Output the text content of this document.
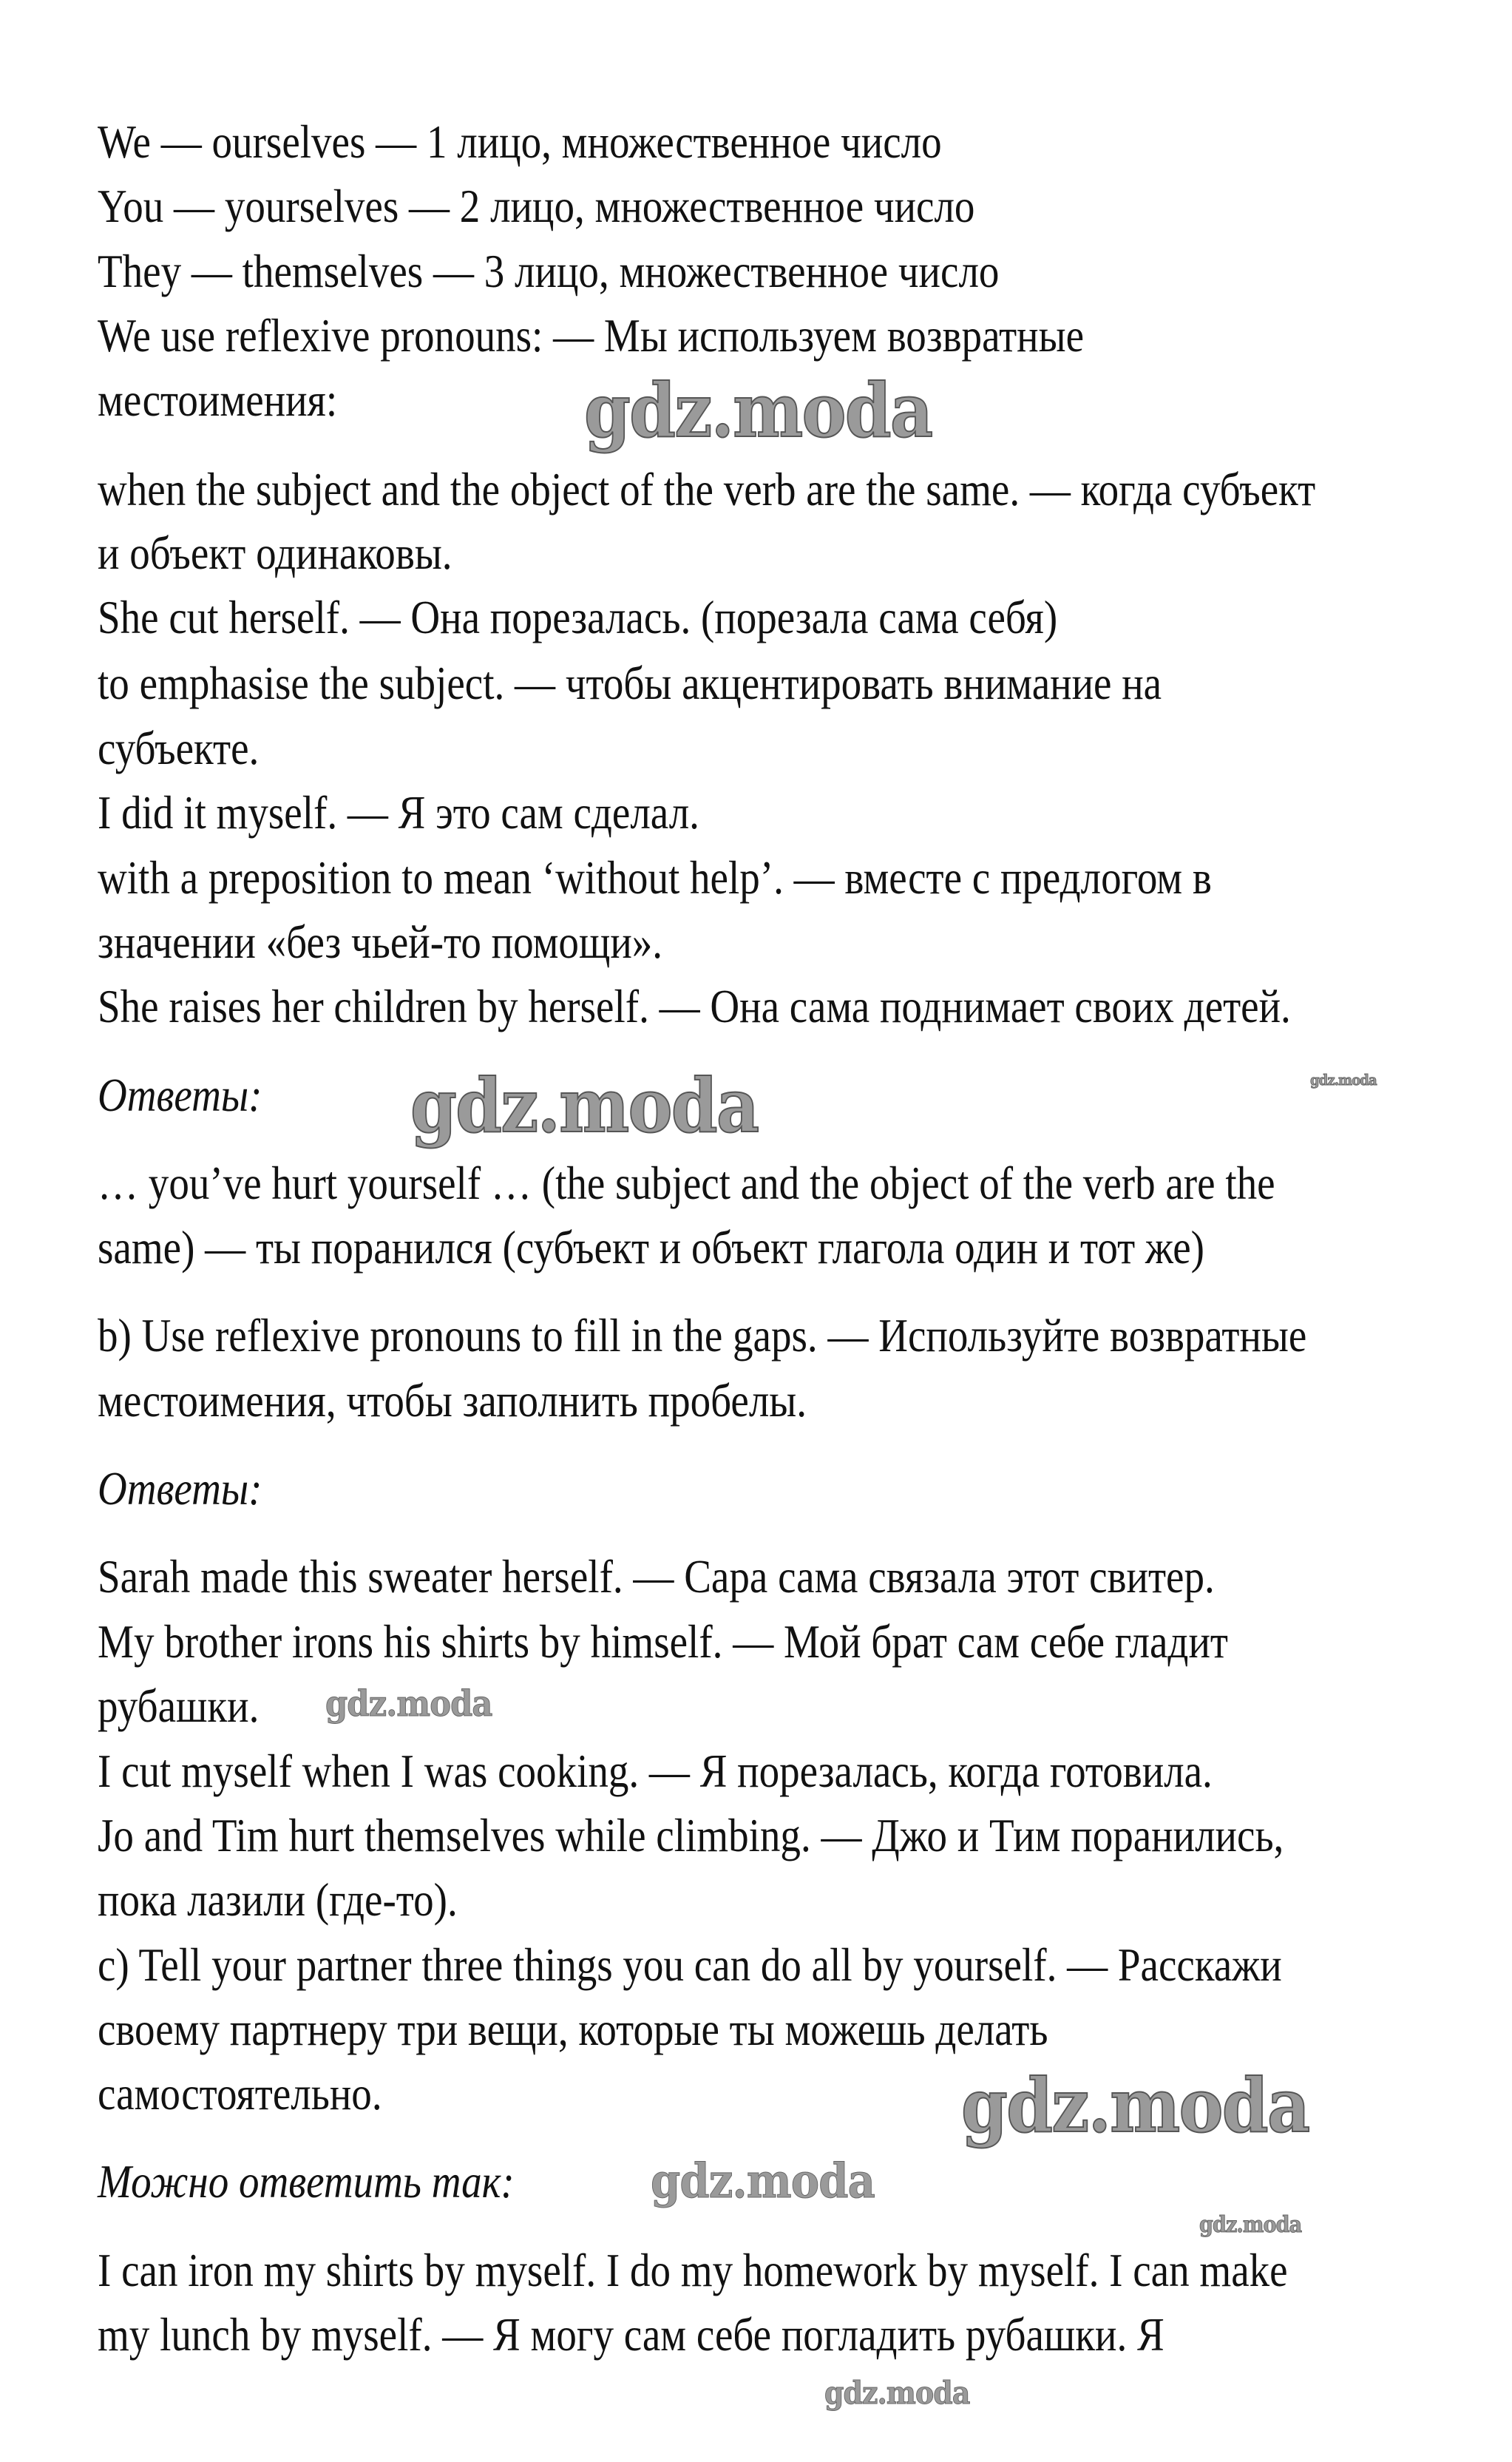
We — ourselves — 1 лицо, множественное число
You — yourselves — 2 лицо, множественное число
They — themselves — 3 лицо, множественное число
We use reflexive pronouns: — Мы используем возвратные
местоимения:
when the subject and the object of the verb are the same. — когда субъект
и объект одинаковы.
She cut herself. — Она порезалась. (порезала сама себя)
to emphasise the subject. — чтобы акцентировать внимание на
субъекте.
I did it myself. — Я это сам сделал.
with a preposition to mean ‘without help’. — вместе с предлогом в
значении «без чьей-то помощи».
She raises her children by herself. — Она сама поднимает своих детей.
Ответы:
… you’ve hurt yourself … (the subject and the object of the verb are the
same) — ты поранился (субъект и объект глагола один и тот же)
b) Use reflexive pronouns to fill in the gaps. — Используйте возвратные
местоимения, чтобы заполнить пробелы.
Ответы:
Sarah made this sweater herself. — Сара сама связала этот свитер.
My brother irons his shirts by himself. — Мой брат сам себе гладит
рубашки.
I cut myself when I was cooking. — Я порезалась, когда готовила.
Jo and Tim hurt themselves while climbing. — Джо и Тим поранились,
пока лазили (где-то).
c) Tell your partner three things you can do all by yourself. — Расскажи
своему партнеру три вещи, которые ты можешь делать
самостоятельно.
Можно ответить так:
I can iron my shirts by myself. I do my homework by myself. I can make
my lunch by myself. — Я могу сам себе погладить рубашки. Я
gdz.moda
gdz.moda	gdz.moda
gdz.moda
gdz.moda
gdz.moda
gdz.moda
gdz.moda
